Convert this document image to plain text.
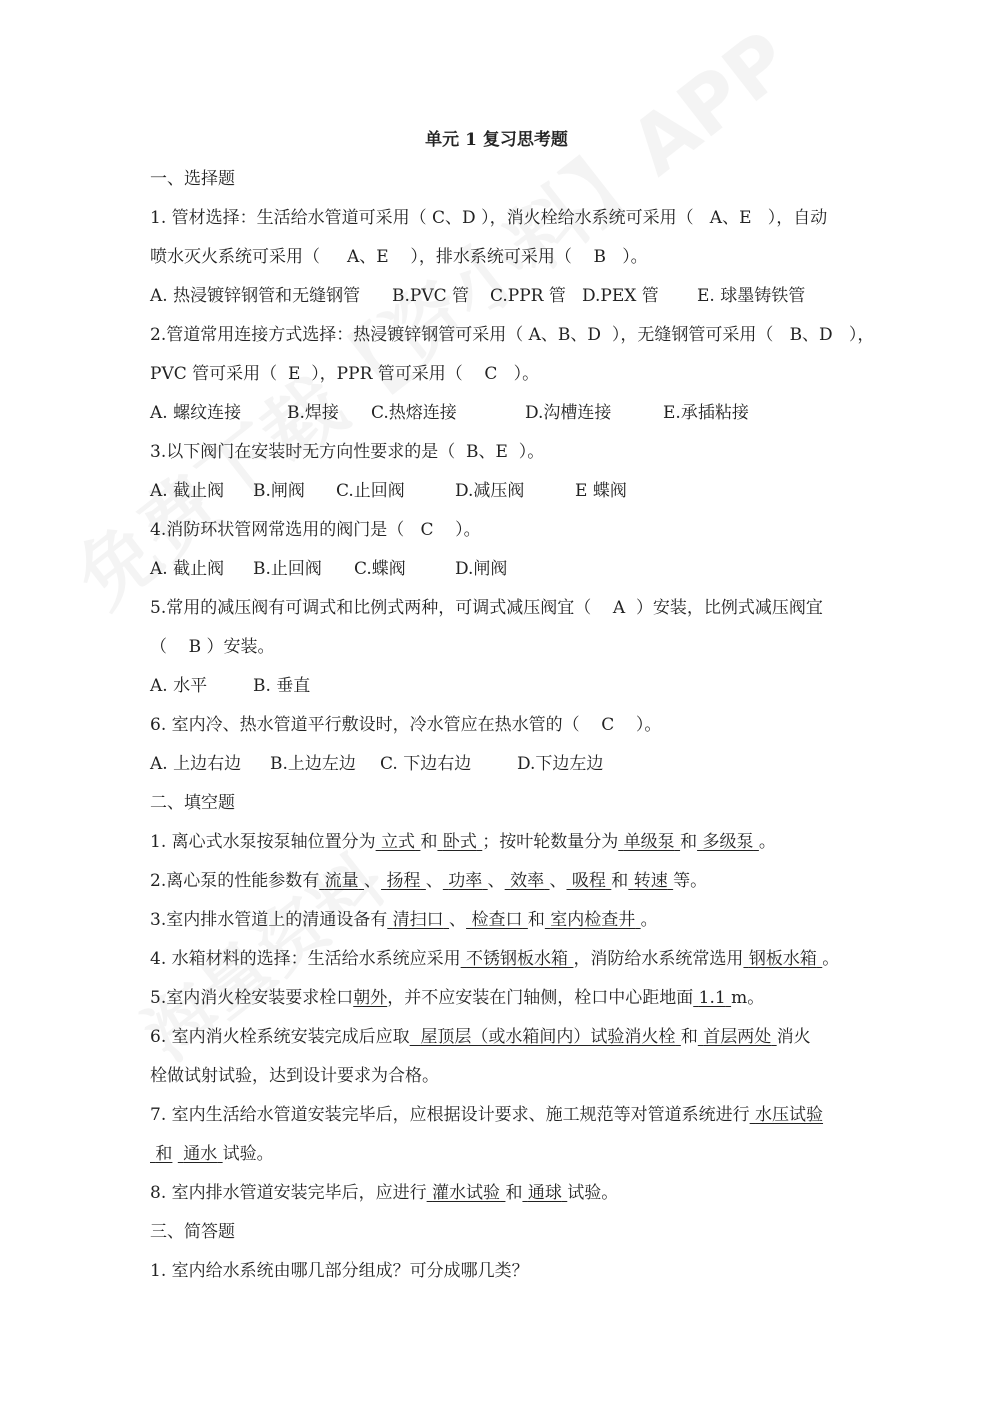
单元 1 复习思考题
一、选择题
1. 管材选择：生活给水管道可采用（ C、D ），消火栓给水系统可采用（ A、E ），自动
喷水灭火系统可采用（ A、E ），排水系统可采用（ B ）。
A. 热浸镀锌钢管和无缝钢管 B.PVC 管 C.PPR 管 D.PEX 管 E. 球墨铸铁管
2.管道常用连接方式选择：热浸镀锌钢管可采用（ A、B、D ），无缝钢管可采用（ B、D ），
PVC 管可采用（ E ），PPR 管可采用（ C ）。
A. 螺纹连接	B.焊接 C.热熔连接	D.沟槽连接	E.承插粘接
3.以下阀门在安装时无方向性要求的是（ B、E ）。
A. 截止阀 B.闸阀 C.止回阀	D.减压阀	E 蝶阀
4.消防环状管网常选用的阀门是（ C ）。
A. 截止阀 B.止回阀 C.蝶阀	D.闸阀
5.常用的减压阀有可调式和比例式两种，可调式减压阀宜（ A ）安装，比例式减压阀宜
（ B ）安装。
A. 水平	B. 垂直
6. 室内冷、热水管道平行敷设时，冷水管应在热水管的（ C ）。
A. 上边右边 B.上边左边 C. 下边右边	D.下边左边
二、填空题
1. 离心式水泵按泵轴位置分为 立式 和 卧式 ；按叶轮数量分为 单级泵 和 多级泵 。
2.离心泵的性能参数有 流量 、 扬程 、 功率 、 效率 、 吸程 和 转速 等。
3.室内排水管道上的清通设备有 清扫口 、 检查口 和 室内检查井 。
4. 水箱材料的选择：生活给水系统应采用 不锈钢板水箱 ，消防给水系统常选用 钢板水箱 。
5.室内消火栓安装要求栓口朝外，并不应安装在门轴侧，栓口中心距地面 1.1 m。
6. 室内消火栓系统安装完成后应取 屋顶层（或水箱间内）试验消火栓 和 首层两处 消火
栓做试射试验，达到设计要求为合格。
7. 室内生活给水管道安装完毕后，应根据设计要求、施工规范等对管道系统进行 水压试验
和 通水 试验。
8. 室内排水管道安装完毕后，应进行 灌水试验 和 通球 试验。
三、简答题
1. 室内给水系统由哪几部分组成？可分成哪几类？
